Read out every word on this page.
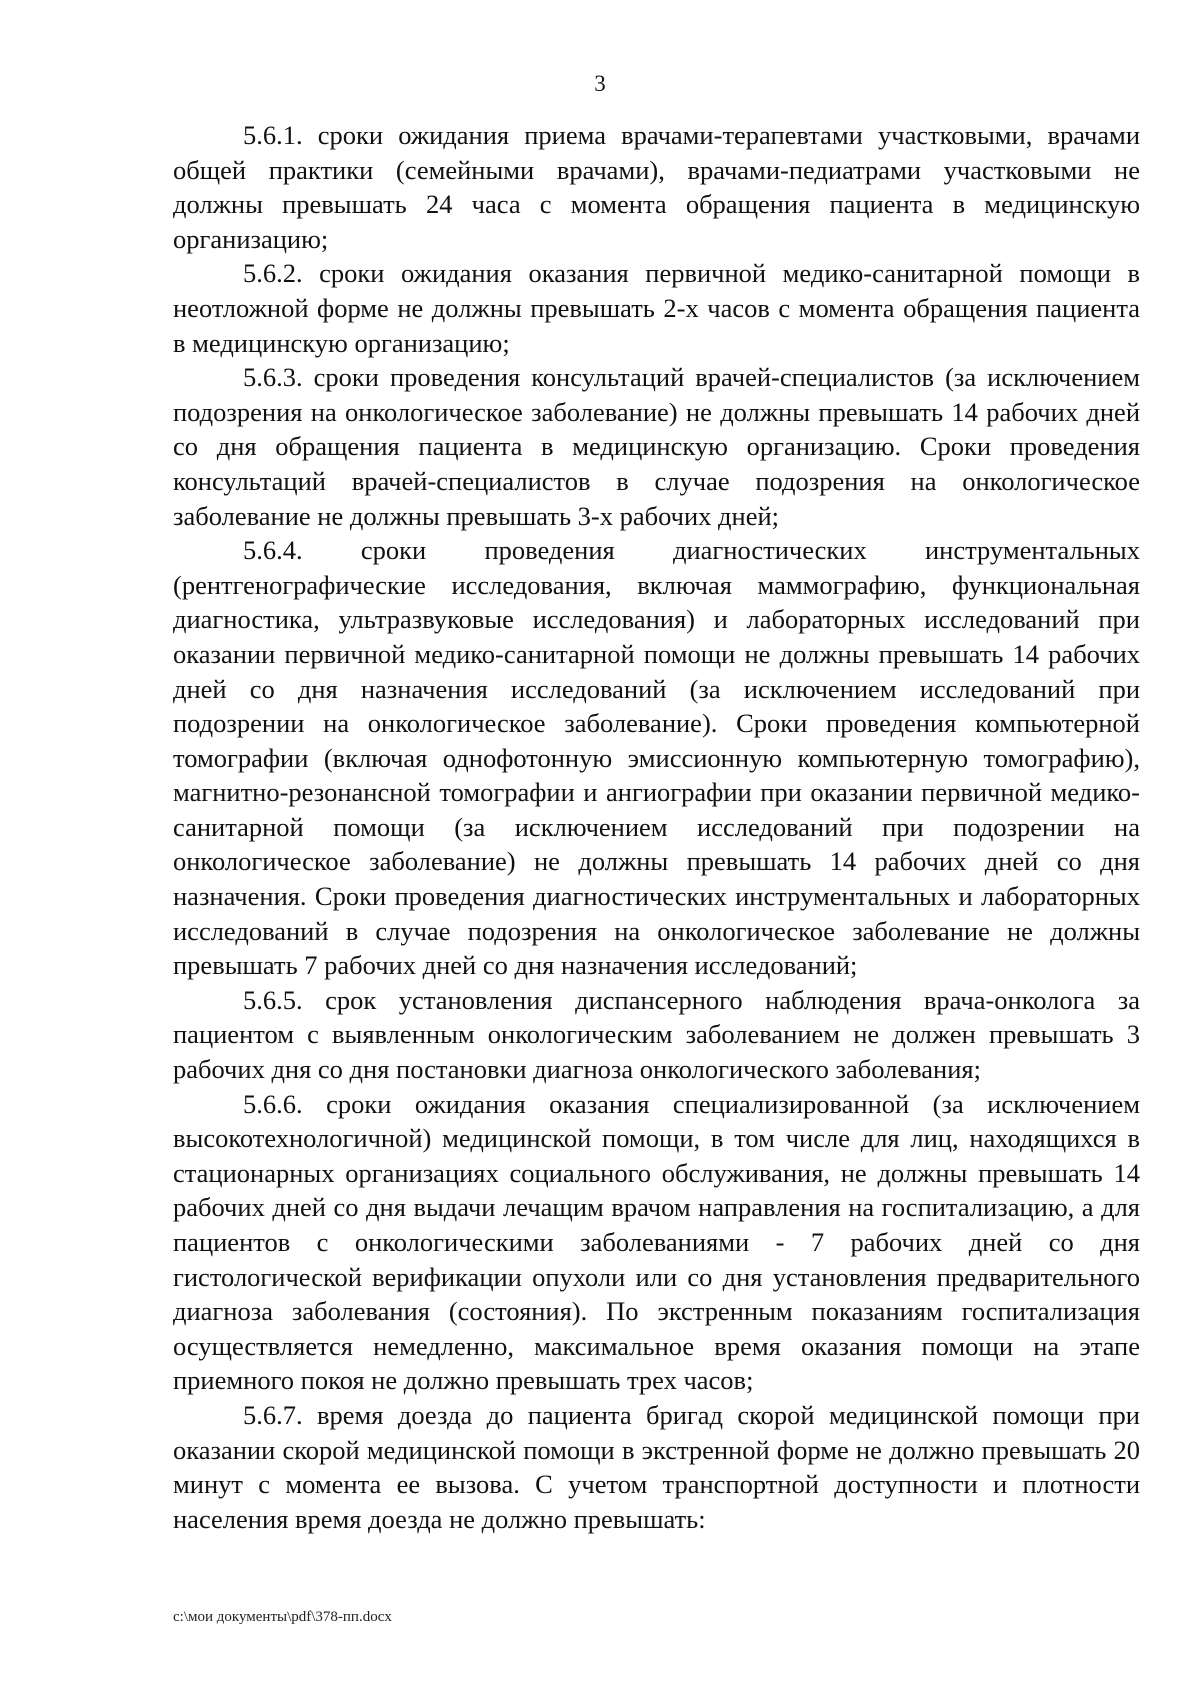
3

5.6.1. сроки ожидания приема врачами-терапевтами участковыми, врачами общей практики (семейными врачами), врачами-педиатрами участковыми не должны превышать 24 часа с момента обращения пациента в медицинскую организацию;

5.6.2. сроки ожидания оказания первичной медико-санитарной помощи в неотложной форме не должны превышать 2-х часов с момента обращения пациента в медицинскую организацию;

5.6.3. сроки проведения консультаций врачей-специалистов (за исключением подозрения на онкологическое заболевание) не должны превышать 14 рабочих дней со дня обращения пациента в медицинскую организацию. Сроки проведения консультаций врачей-специалистов в случае подозрения на онкологическое заболевание не должны превышать 3-х рабочих дней;

5.6.4. сроки проведения диагностических инструментальных (рентгенографические исследования, включая маммографию, функциональная диагностика, ультразвуковые исследования) и лабораторных исследований при оказании первичной медико-санитарной помощи не должны превышать 14 рабочих дней со дня назначения исследований (за исключением исследований при подозрении на онкологическое заболевание). Сроки проведения компьютерной томографии (включая однофотонную эмиссионную компьютерную томографию), магнитно-резонансной томографии и ангиографии при оказании первичной медико-санитарной помощи (за исключением исследований при подозрении на онкологическое заболевание) не должны превышать 14 рабочих дней со дня назначения. Сроки проведения диагностических инструментальных и лабораторных исследований в случае подозрения на онкологическое заболевание не должны превышать 7 рабочих дней со дня назначения исследований;

5.6.5. срок установления диспансерного наблюдения врача-онколога за пациентом с выявленным онкологическим заболеванием не должен превышать 3 рабочих дня со дня постановки диагноза онкологического заболевания;

5.6.6. сроки ожидания оказания специализированной (за исключением высокотехнологичной) медицинской помощи, в том числе для лиц, находящихся в стационарных организациях социального обслуживания, не должны превышать 14 рабочих дней со дня выдачи лечащим врачом направления на госпитализацию, а для пациентов с онкологическими заболеваниями - 7 рабочих дней со дня гистологической верификации опухоли или со дня установления предварительного диагноза заболевания (состояния). По экстренным показаниям госпитализация осуществляется немедленно, максимальное время оказания помощи на этапе приемного покоя не должно превышать трех часов;

5.6.7. время доезда до пациента бригад скорой медицинской помощи при оказании скорой медицинской помощи в экстренной форме не должно превышать 20 минут с момента ее вызова. С учетом транспортной доступности и плотности населения время доезда не должно превышать:

c:\мои документы\pdf\378-пп.docx
